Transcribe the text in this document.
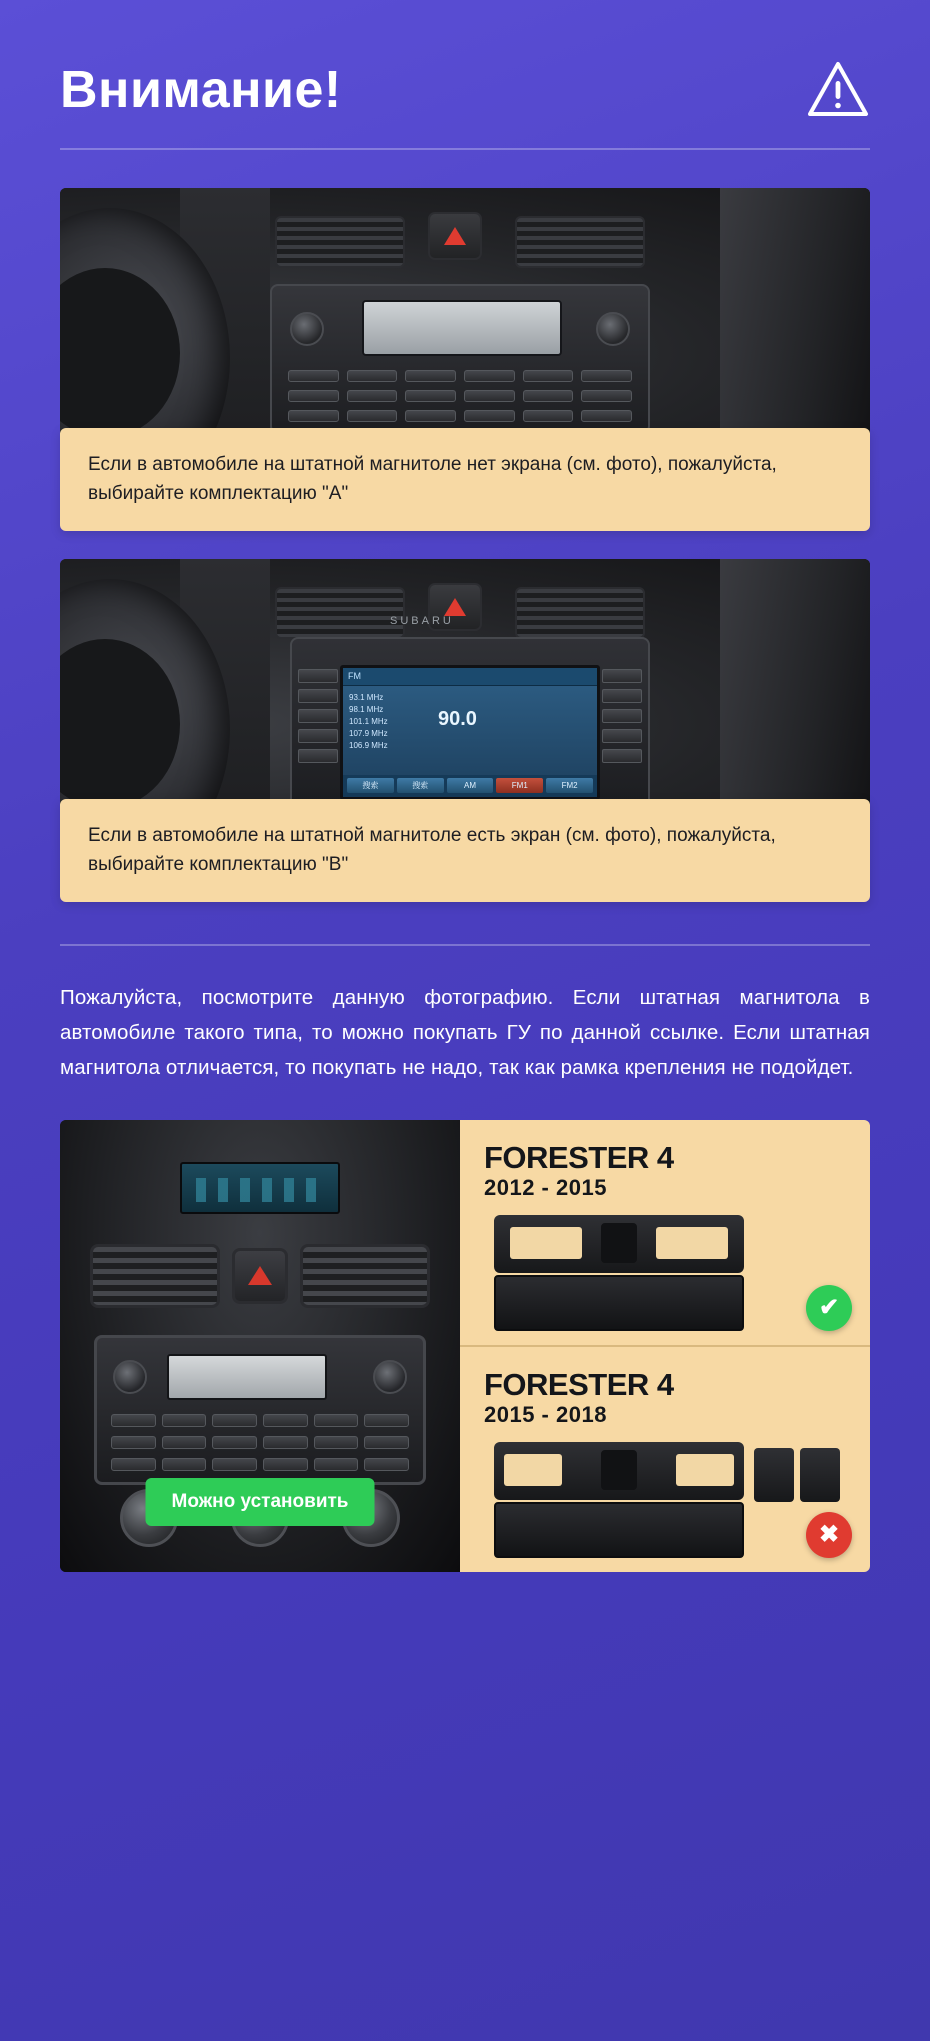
Внимание!
Если в автомобиле на штатной магнитоле нет экрана (см. фото), пожалуйста, выбирайте комплектацию "A"
SUBARU
FM
93.1 MHz
98.1 MHz
101.1 MHz
107.9 MHz
106.9 MHz
90.0
搜索	搜索	AM	FM1	FM2
Если в автомобиле на штатной магнитоле есть экран (см. фото), пожалуйста, выбирайте комплектацию "B"

Пожалуйста, посмотрите данную фотографию. Если штатная магнитола в автомобиле такого типа, то можно покупать ГУ по данной ссылке. Если штатная магнитола отличается, то покупать не надо, так как рамка крепления не подойдет.

Можно установить
FORESTER 4
2012 - 2015
✔
FORESTER 4
2015 - 2018
✖
